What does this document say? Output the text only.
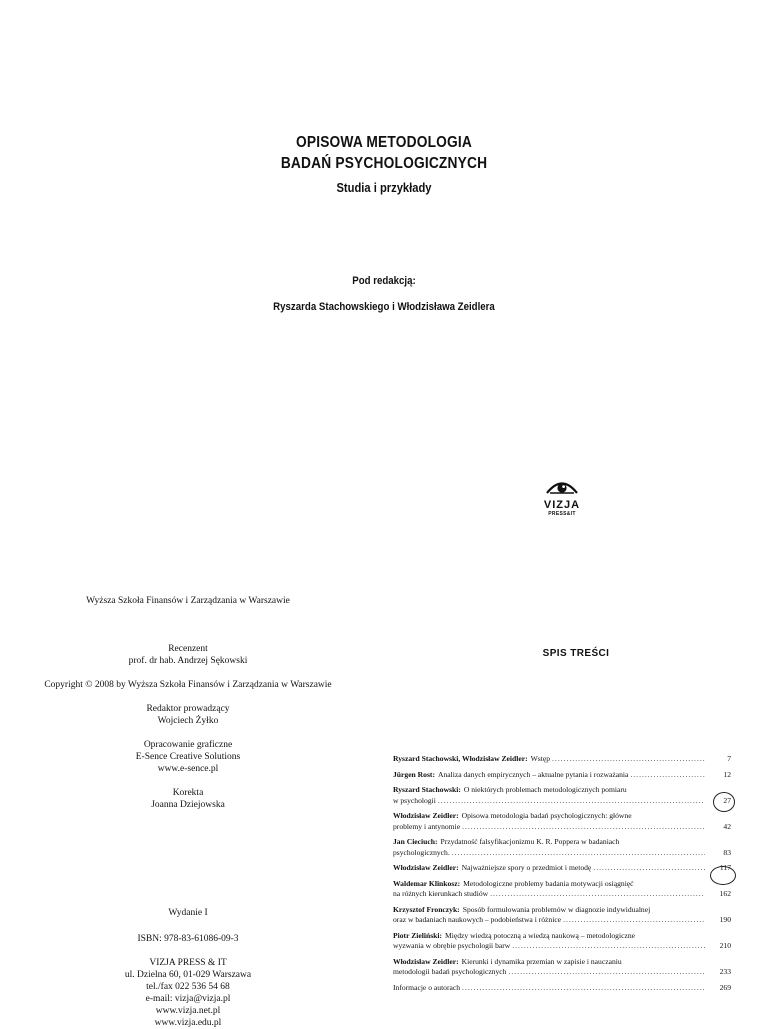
OPISOWA METODOLOGIA
BADAŃ PSYCHOLOGICZNYCH
Studia i przykłady
Pod redakcją:
Ryszarda Stachowskiego i Włodzisława Zeidlera
VIZJA
PRESS&IT
Wyższa Szkoła Finansów i Zarządzania w Warszawie
Recenzent
prof. dr hab. Andrzej Sękowski
Copyright © 2008 by Wyższa Szkoła Finansów i Zarządzania w Warszawie
Redaktor prowadzący
Wojciech Żyłko
Opracowanie graficzne
E-Sence Creative Solutions
www.e-sence.pl
Korekta
Joanna Dziejowska
Wydanie I
ISBN: 978-83-61086-09-3
VIZJA PRESS & IT
ul. Dzielna 60, 01-029 Warszawa
tel./fax 022 536 54 68
e-mail: vizja@vizja.pl
www.vizja.net.pl
www.vizja.edu.pl
SPIS TREŚCI
Ryszard Stachowski, Włodzisław Zeidler: Wstęp .....	7
Jürgen Rost: Analiza danych empirycznych – aktualne pytania i rozważania .....	12
Ryszard Stachowski: O niektórych problemach metodologicznych pomiaru
w psychologii .....	27
Włodzisław Zeidler: Opisowa metodologia badań psychologicznych: główne
problemy i antynomie .....	42
Jan Cieciuch: Przydatność falsyfikacjonizmu K. R. Poppera w badaniach
psychologicznych. .....	83
Włodzisław Zeidler: Najważniejsze spory o przedmiot i metodę .....	117
Waldemar Klinkosz: Metodologiczne problemy badania motywacji osiągnięć
na różnych kierunkach studiów .....	162
Krzysztof Fronczyk: Sposób formułowania problemów w diagnozie indywidualnej
oraz w badaniach naukowych – podobieństwa i różnice .....	190
Piotr Zieliński: Między wiedzą potoczną a wiedzą naukową – metodologiczne
wyzwania w obrębie psychologii barw .....	210
Włodzisław Zeidler: Kierunki i dynamika przemian w zapisie i nauczaniu
metodologii badań psychologicznych .....	233
Informacje o autorach .....	269
